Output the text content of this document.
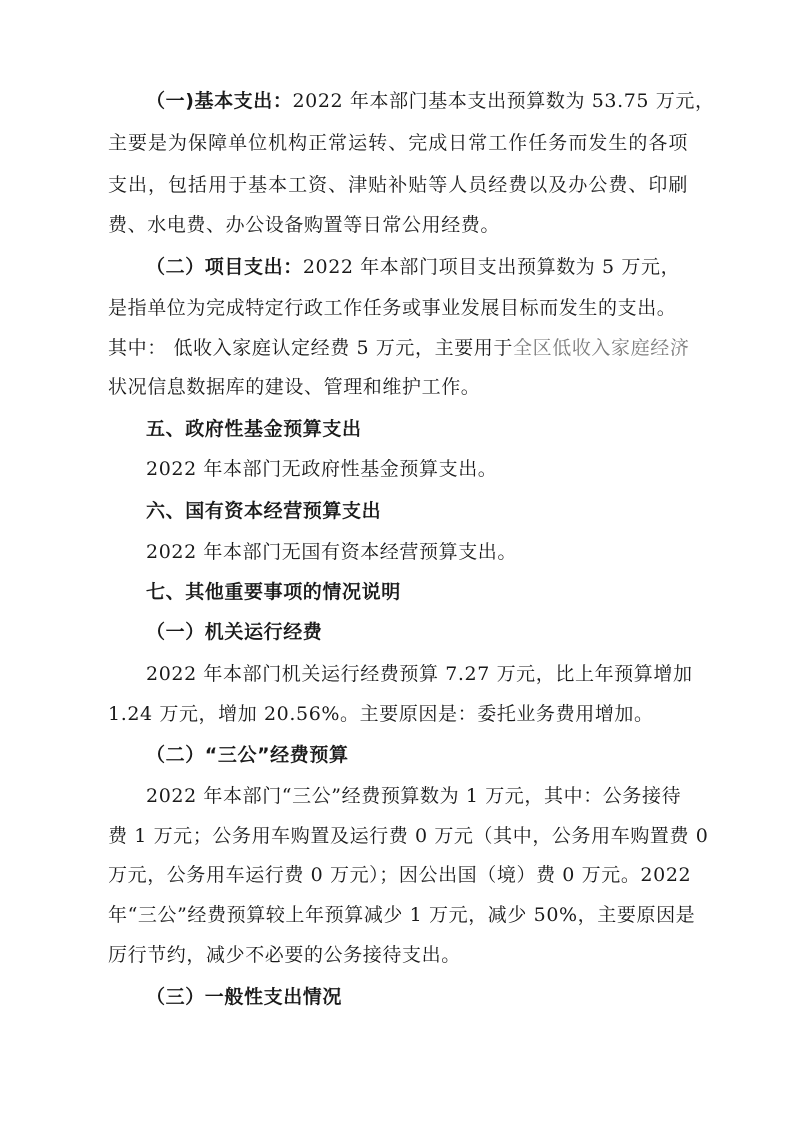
（一)基本支出：2022 年本部门基本支出预算数为 53.75 万元，
主要是为保障单位机构正常运转、完成日常工作任务而发生的各项
支出，包括用于基本工资、津贴补贴等人员经费以及办公费、印刷
费、水电费、办公设备购置等日常公用经费。
（二）项目支出：2022 年本部门项目支出预算数为 5 万元，
是指单位为完成特定行政工作任务或事业发展目标而发生的支出。
其中： 低收入家庭认定经费 5 万元，主要用于全区低收入家庭经济
状况信息数据库的建设、管理和维护工作。
五、政府性基金预算支出
2022 年本部门无政府性基金预算支出。
六、国有资本经营预算支出
2022 年本部门无国有资本经营预算支出。
七、其他重要事项的情况说明
（一）机关运行经费
2022 年本部门机关运行经费预算 7.27 万元，比上年预算增加
1.24 万元，增加 20.56%。主要原因是：委托业务费用增加。
（二）“三公”经费预算
2022 年本部门“三公”经费预算数为 1 万元，其中：公务接待
费 1 万元；公务用车购置及运行费 0 万元（其中，公务用车购置费 0
万元，公务用车运行费 0 万元）；因公出国（境）费 0 万元。2022
年“三公”经费预算较上年预算减少 1 万元，减少 50%，主要原因是
厉行节约，减少不必要的公务接待支出。
（三）一般性支出情况
